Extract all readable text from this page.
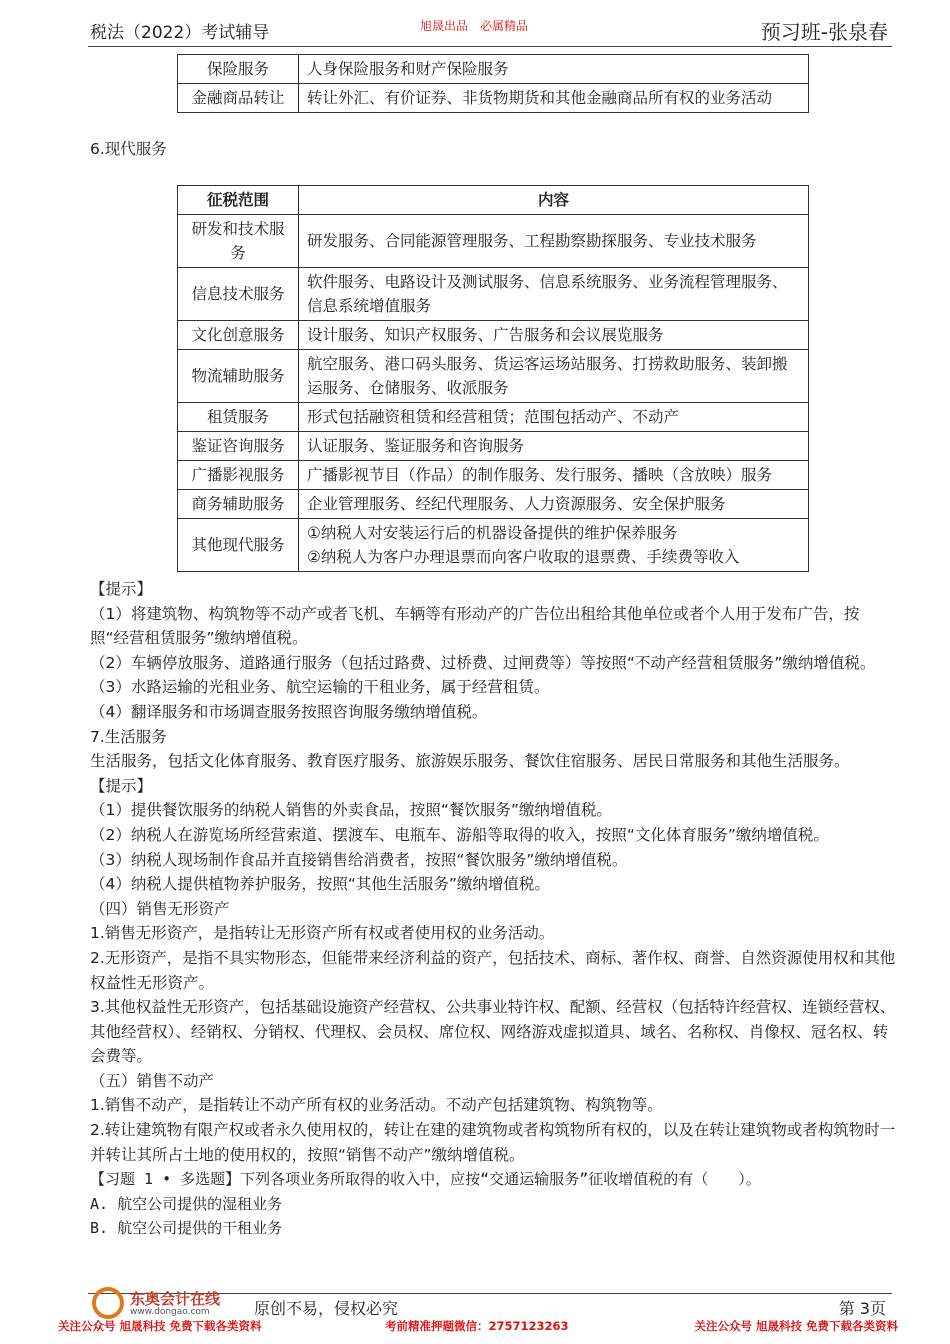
税法（2022）考试辅导	旭晟出品　必属精品	预习班-张泉春
保险服务	人身保险服务和财产保险服务
金融商品转让	转让外汇、有价证券、非货物期货和其他金融商品所有权的业务活动
6.现代服务
征税范围	内容
研发和技术服务	研发服务、合同能源管理服务、工程勘察勘探服务、专业技术服务
信息技术服务	软件服务、电路设计及测试服务、信息系统服务、业务流程管理服务、信息系统增值服务
文化创意服务	设计服务、知识产权服务、广告服务和会议展览服务
物流辅助服务	航空服务、港口码头服务、货运客运场站服务、打捞救助服务、装卸搬运服务、仓储服务、收派服务
租赁服务	形式包括融资租赁和经营租赁；范围包括动产、不动产
鉴证咨询服务	认证服务、鉴证服务和咨询服务
广播影视服务	广播影视节目（作品）的制作服务、发行服务、播映（含放映）服务
商务辅助服务	企业管理服务、经纪代理服务、人力资源服务、安全保护服务
其他现代服务	①纳税人对安装运行后的机器设备提供的维护保养服务
②纳税人为客户办理退票而向客户收取的退票费、手续费等收入

【提示】

（1）将建筑物、构筑物等不动产或者飞机、车辆等有形动产的广告位出租给其他单位或者个人用于发布广告，按照“经营租赁服务”缴纳增值税。

（2）车辆停放服务、道路通行服务（包括过路费、过桥费、过闸费等）等按照“不动产经营租赁服务”缴纳增值税。

（3）水路运输的光租业务、航空运输的干租业务，属于经营租赁。

（4）翻译服务和市场调查服务按照咨询服务缴纳增值税。

7.生活服务

生活服务，包括文化体育服务、教育医疗服务、旅游娱乐服务、餐饮住宿服务、居民日常服务和其他生活服务。

【提示】

（1）提供餐饮服务的纳税人销售的外卖食品，按照“餐饮服务”缴纳增值税。

（2）纳税人在游览场所经营索道、摆渡车、电瓶车、游船等取得的收入，按照“文化体育服务”缴纳增值税。

（3）纳税人现场制作食品并直接销售给消费者，按照“餐饮服务”缴纳增值税。

（4）纳税人提供植物养护服务，按照“其他生活服务”缴纳增值税。

（四）销售无形资产

1.销售无形资产，是指转让无形资产所有权或者使用权的业务活动。

2.无形资产，是指不具实物形态，但能带来经济利益的资产，包括技术、商标、著作权、商誉、自然资源使用权和其他权益性无形资产。

3.其他权益性无形资产，包括基础设施资产经营权、公共事业特许权、配额、经营权（包括特许经营权、连锁经营权、其他经营权）、经销权、分销权、代理权、会员权、席位权、网络游戏虚拟道具、域名、名称权、肖像权、冠名权、转会费等。

（五）销售不动产

1.销售不动产，是指转让不动产所有权的业务活动。不动产包括建筑物、构筑物等。

2.转让建筑物有限产权或者永久使用权的，转让在建的建筑物或者构筑物所有权的，以及在转让建筑物或者构筑物时一并转让其所占土地的使用权的，按照“销售不动产”缴纳增值税。

【习题 1 • 多选题】下列各项业务所取得的收入中，应按“交通运输服务”征收增值税的有（　　）。

A. 航空公司提供的湿租业务

B. 航空公司提供的干租业务

东奥会计在线
www.dongao.com	原创不易，侵权必究	第 3页
关注公众号 旭晟科技 免费下载各类资料	考前精准押题微信：2757123263	关注公众号 旭晟科技 免费下载各类资料
